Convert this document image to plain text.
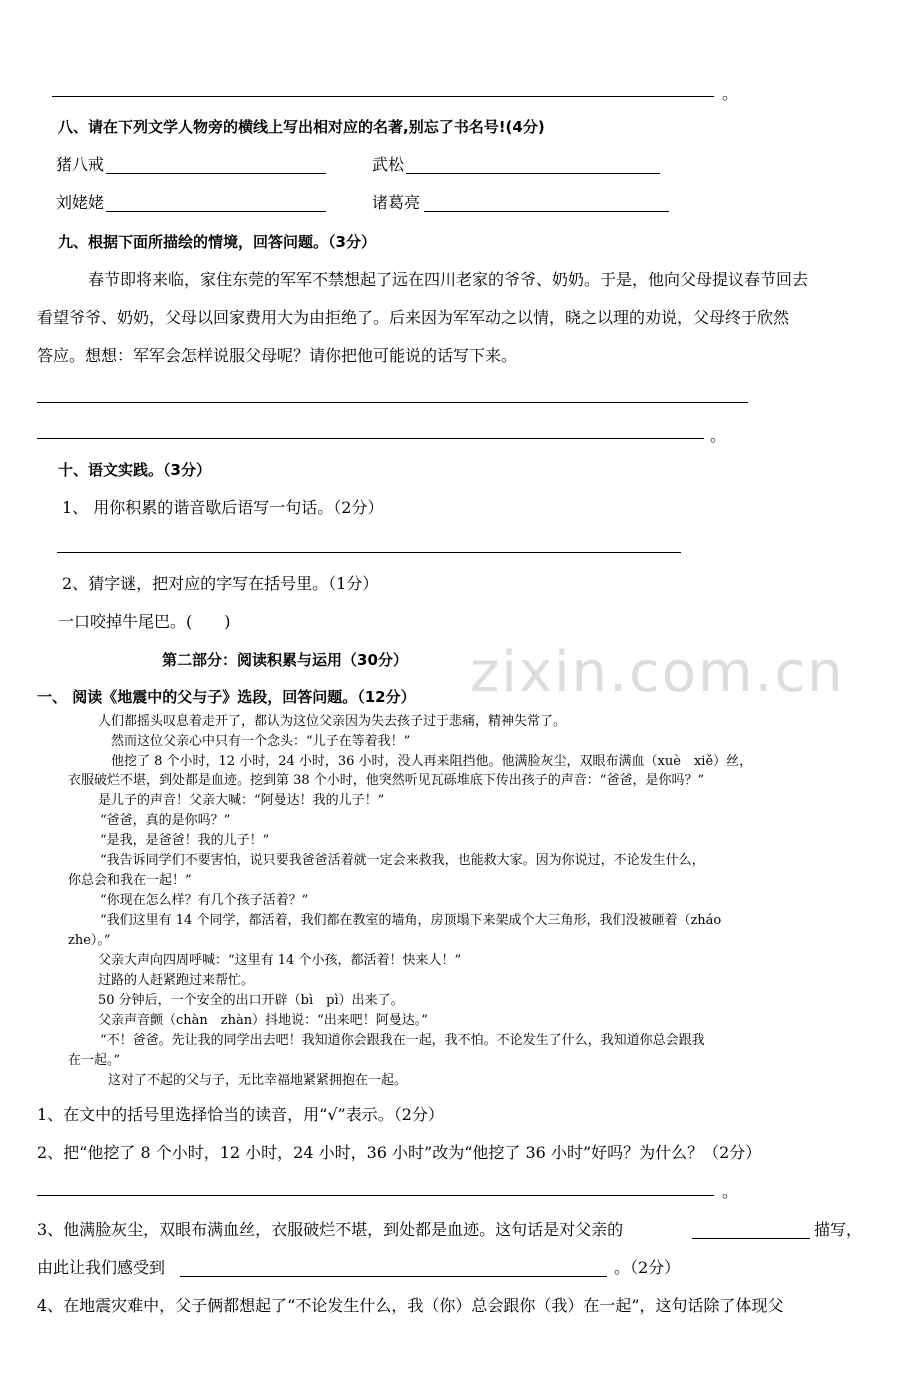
zixin.com.cn
。
八、请在下列文学人物旁的横线上写出相对应的名著,别忘了书名号!(4分)
猪八戒	武松
刘姥姥	诸葛亮
九、根据下面所描绘的情境，回答问题。（3分）
春节即将来临，家住东莞的军军不禁想起了远在四川老家的爷爷、奶奶。于是，他向父母提议春节回去
看望爷爷、奶奶，父母以回家费用大为由拒绝了。后来因为军军动之以情，晓之以理的劝说，父母终于欣然
答应。想想：军军会怎样说服父母呢？请你把他可能说的话写下来。
。
十、语文实践。（3分）
1、 用你积累的谐音歇后语写一句话。（2分）
2、猜字谜，把对应的字写在括号里。（1分）
一口咬掉牛尾巴。(　　)
第二部分：阅读积累与运用（30分）
一、 阅读《地震中的父与子》选段，回答问题。（12分）
人们都摇头叹息着走开了，都认为这位父亲因为失去孩子过于悲痛，精神失常了。
然而这位父亲心中只有一个念头：“儿子在等着我！”
他挖了 8 个小时，12 小时，24 小时，36 小时，没人再来阻挡他。他满脸灰尘，双眼布满血（xuè　xiě）丝，
衣服破烂不堪，到处都是血迹。挖到第 38 个小时，他突然听见瓦砾堆底下传出孩子的声音：“爸爸，是你吗？”
是儿子的声音！父亲大喊：“阿曼达！我的儿子！”
“爸爸，真的是你吗？”
“是我，是爸爸！我的儿子！”
“我告诉同学们不要害怕，说只要我爸爸活着就一定会来救我，也能救大家。因为你说过，不论发生什么，
你总会和我在一起！”
“你现在怎么样？有几个孩子活着？”
“我们这里有 14 个同学，都活着，我们都在教室的墙角，房顶塌下来架成个大三角形，我们没被砸着（zháo
zhe）。”
父亲大声向四周呼喊：“这里有 14 个小孩，都活着！快来人！”
过路的人赶紧跑过来帮忙。
50 分钟后，一个安全的出口开辟（bì　pì）出来了。
父亲声音颤（chàn　zhàn）抖地说：“出来吧！阿曼达。”
“不！爸爸。先让我的同学出去吧！我知道你会跟我在一起，我不怕。不论发生了什么，我知道你总会跟我
在一起。”
这对了不起的父与子，无比幸福地紧紧拥抱在一起。
1、在文中的括号里选择恰当的读音，用“√”表示。（2分）
2、把“他挖了 8 个小时，12 小时，24 小时，36 小时”改为“他挖了 36 小时”好吗？为什么？（2分）
。
3、他满脸灰尘，双眼布满血丝，衣服破烂不堪，到处都是血迹。这句话是对父亲的	描写，
由此让我们感受到	。（2分）
4、在地震灾难中，父子俩都想起了“不论发生什么，我（你）总会跟你（我）在一起”，这句话除了体现父
